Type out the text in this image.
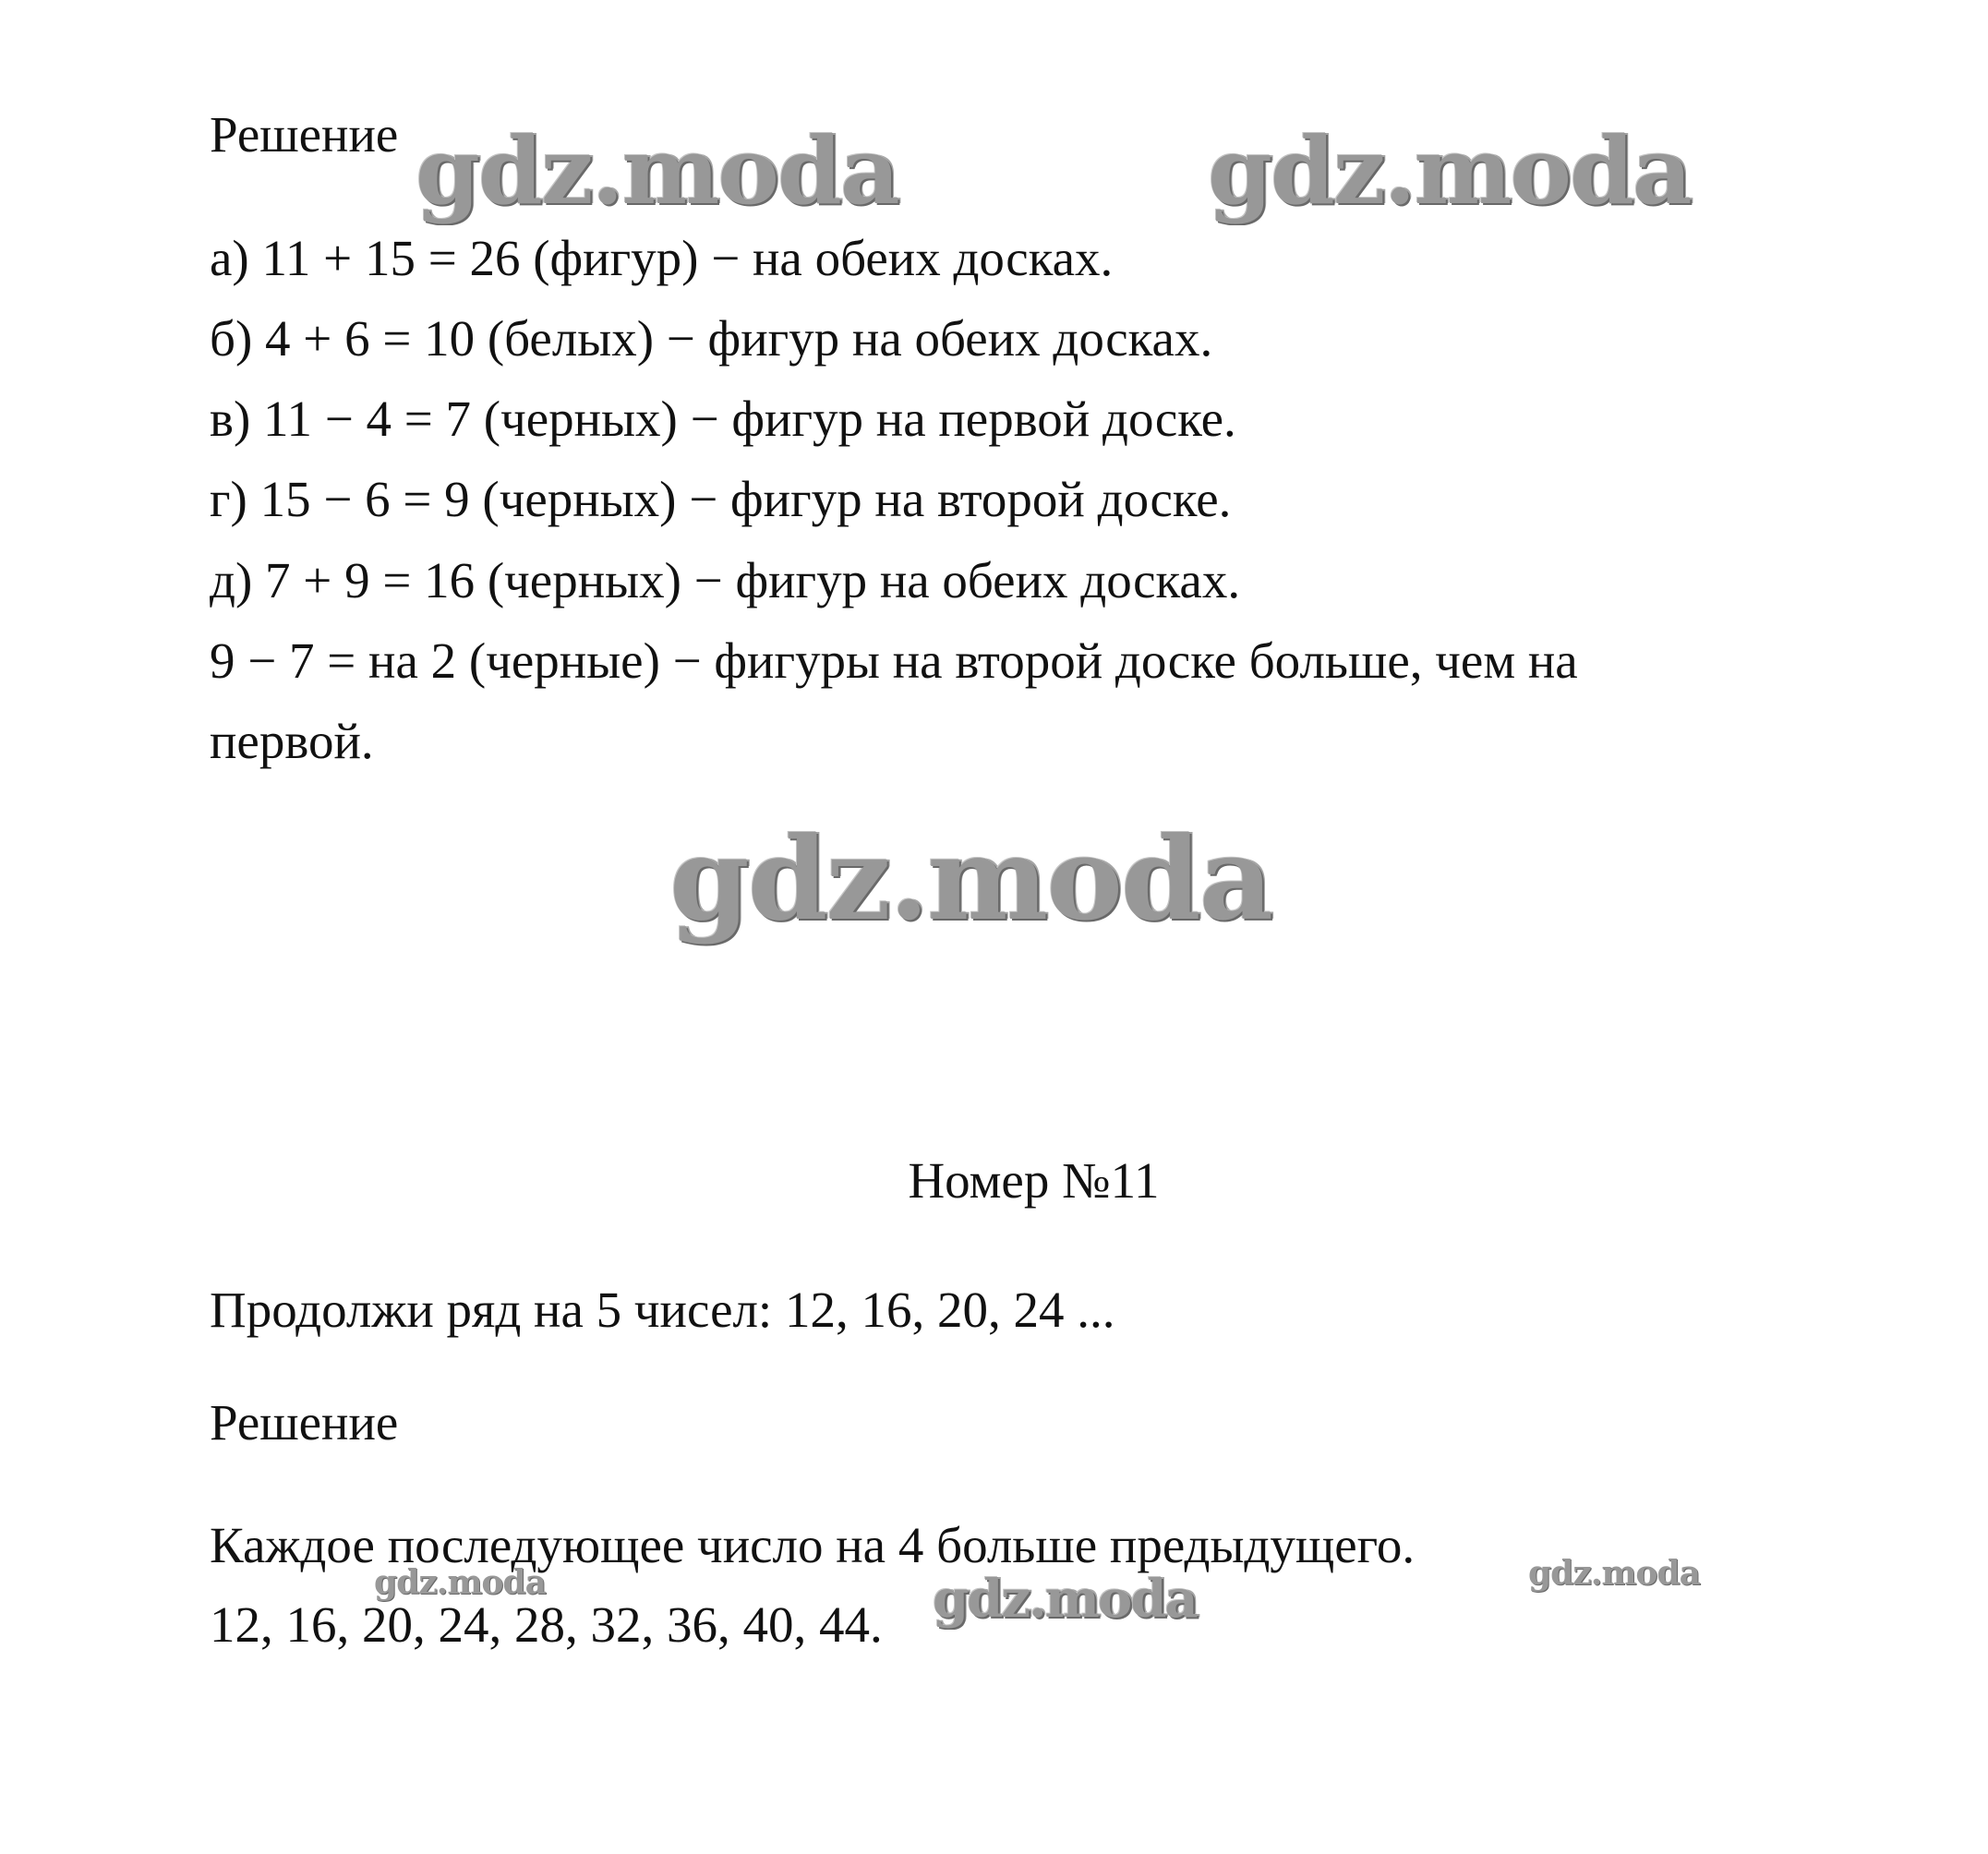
Решение
а) 11 + 15 = 26 (фигур) − на обеих досках.
б) 4 + 6 = 10 (белых) − фигур на обеих досках.
в) 11 − 4 = 7 (черных) − фигур на первой доске.
г) 15 − 6 = 9 (черных) − фигур на второй доске.
д) 7 + 9 = 16 (черных) − фигур на обеих досках.
9 − 7 = на 2 (черные) − фигуры на второй доске больше, чем на
первой.
Номер №11
Продолжи ряд на 5 чисел: 12, 16, 20, 24 ...
Решение
Каждое последующее число на 4 больше предыдущего.
12, 16, 20, 24, 28, 32, 36, 40, 44.
gdz.moda	gdz.moda
gdz.moda
gdz.moda	gdz.moda	gdz.moda
